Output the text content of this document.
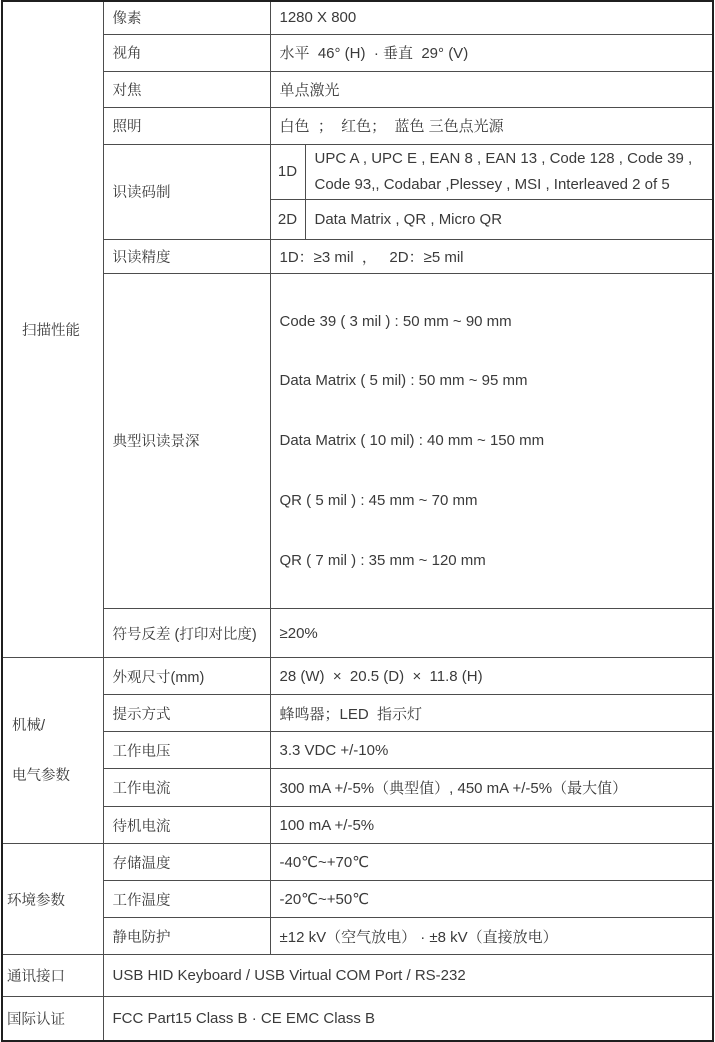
扫描性能	像素	1280 X 800	
	视角	水平  46° (H)  · 垂直  29° (V)	
	对焦	单点激光	
	照明	白色  ；  红色；  蓝色 三色点光源	
	识读码制	1D	UPC A , UPC E , EAN 8 , EAN 13 , Code 128 , Code 39 , Code 93,, Codabar ,Plessey , MSI , Interleaved 2 of 5
		2D	Data Matrix , QR , Micro QR
	识读精度	1D：≥3 mil  ，   2D：≥5 mil	
	典型识读景深	Code 39 ( 3 mil ) : 50 mm ~ 90 mm

Data Matrix ( 5 mil) : 50 mm ~ 95 mm

Data Matrix ( 10 mil) : 40 mm ~ 150 mm

QR ( 5 mil ) : 45 mm ~ 70 mm

QR ( 7 mil ) : 35 mm ~ 120 mm	

	符号反差 (打印对比度)	≥20%	

机械/
电气参数	外观尺寸(mm)	28 (W)  ×  20.5 (D)  ×  11.8 (H)	
	提示方式	蜂鸣器；LED  指示灯	
	工作电压	3.3 VDC +/-10%	
	工作电流	300 mA +/-5%（典型值）, 450 mA +/-5%（最大值）	
	待机电流	100 mA +/-5%	
环境参数	存储温度	-40℃~+70℃	
	工作温度	-20℃~+50℃	
	静电防护	±12 kV（空气放电） · ±8 kV（直接放电）	
通讯接口	USB HID Keyboard / USB Virtual COM Port / RS-232		
国际认证	FCC Part15 Class B · CE EMC Class B		
